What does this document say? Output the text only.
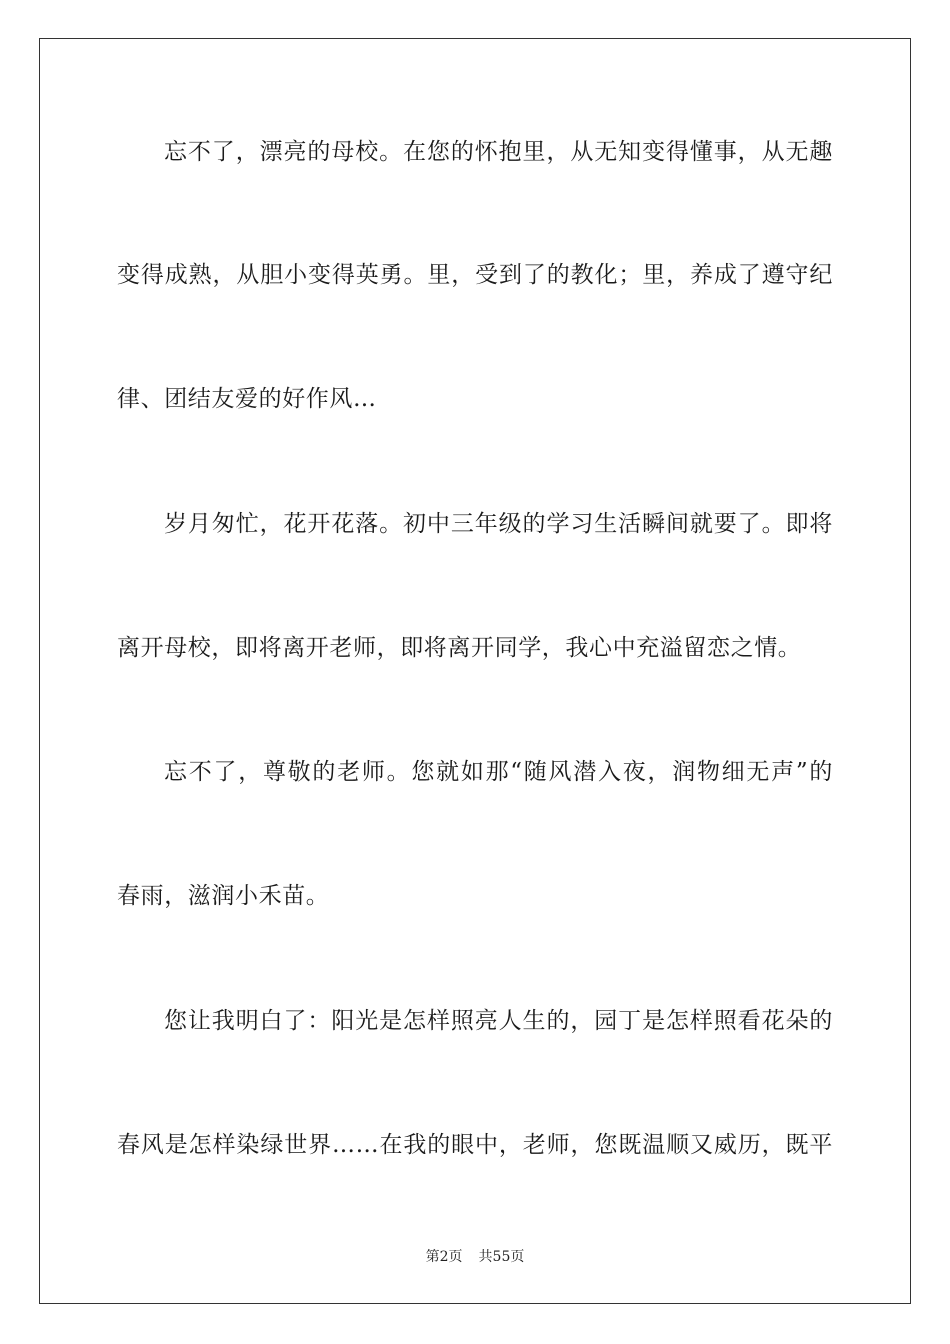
忘不了，漂亮的母校。在您的怀抱里，从无知变得懂事，从无趣
变得成熟，从胆小变得英勇。里，受到了的教化；里，养成了遵守纪
律、团结友爱的好作风…
岁月匆忙，花开花落。初中三年级的学习生活瞬间就要了。即将
离开母校，即将离开老师，即将离开同学，我心中充溢留恋之情。
忘不了，尊敬的老师。您就如那“随风潜入夜，润物细无声”的
春雨，滋润小禾苗。
您让我明白了：阳光是怎样照亮人生的，园丁是怎样照看花朵的
春风是怎样染绿世界……在我的眼中，老师，您既温顺又威历，既平
第2页 共55页
